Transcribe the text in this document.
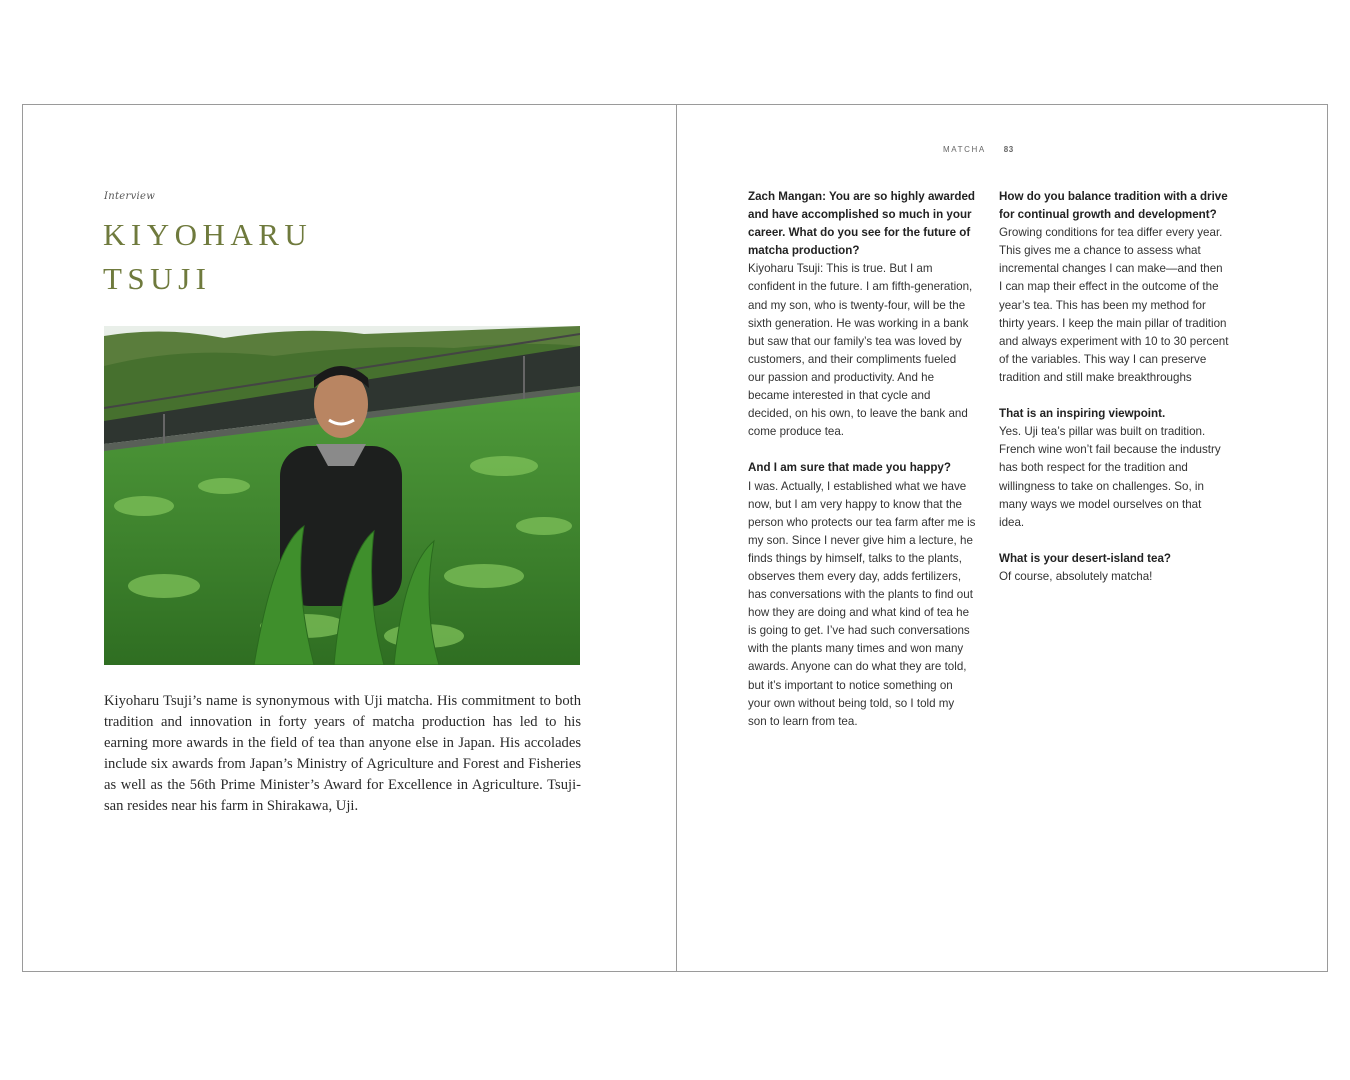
Interview
KIYOHARU
TSUJI

Kiyoharu Tsuji’s name is synonymous with Uji matcha. His commitment to both tradition and innovation in forty years of matcha production has led to his earning more awards in the field of tea than anyone else in Japan. His accolades include six awards from Japan’s Ministry of Agriculture and Forest and Fisheries as well as the 56th Prime Minister’s Award for Excellence in Agriculture. Tsuji-san resides near his farm in Shirakawa, Uji.

MATCHA 83
Zach Mangan: You are so highly awarded and have accomplished so much in your career. What do you see for the future of matcha production?
Kiyoharu Tsuji: This is true. But I am confident in the future. I am fifth-generation, and my son, who is twenty-four, will be the sixth generation. He was working in a bank but saw that our family’s tea was loved by customers, and their compliments fueled our passion and productivity. And he became interested in that cycle and decided, on his own, to leave the bank and come produce tea.
And I am sure that made you happy?
I was. Actually, I established what we have now, but I am very happy to know that the person who protects our tea farm after me is my son. Since I never give him a lecture, he finds things by himself, talks to the plants, observes them every day, adds fertilizers, has conversations with the plants to find out how they are doing and what kind of tea he is going to get. I’ve had such conversations with the plants many times and won many awards. Anyone can do what they are told, but it’s important to notice something on your own without being told, so I told my son to learn from tea.
How do you balance tradition with a drive for continual growth and development?
Growing conditions for tea differ every year. This gives me a chance to assess what incremental changes I can make—and then I can map their effect in the outcome of the year’s tea. This has been my method for thirty years. I keep the main pillar of tradition and always experiment with 10 to 30 percent of the variables. This way I can preserve tradition and still make breakthroughs
That is an inspiring viewpoint.
Yes. Uji tea’s pillar was built on tradition. French wine won’t fail because the industry has both respect for the tradition and willingness to take on challenges. So, in many ways we model ourselves on that idea.
What is your desert-island tea?
Of course, absolutely matcha!
